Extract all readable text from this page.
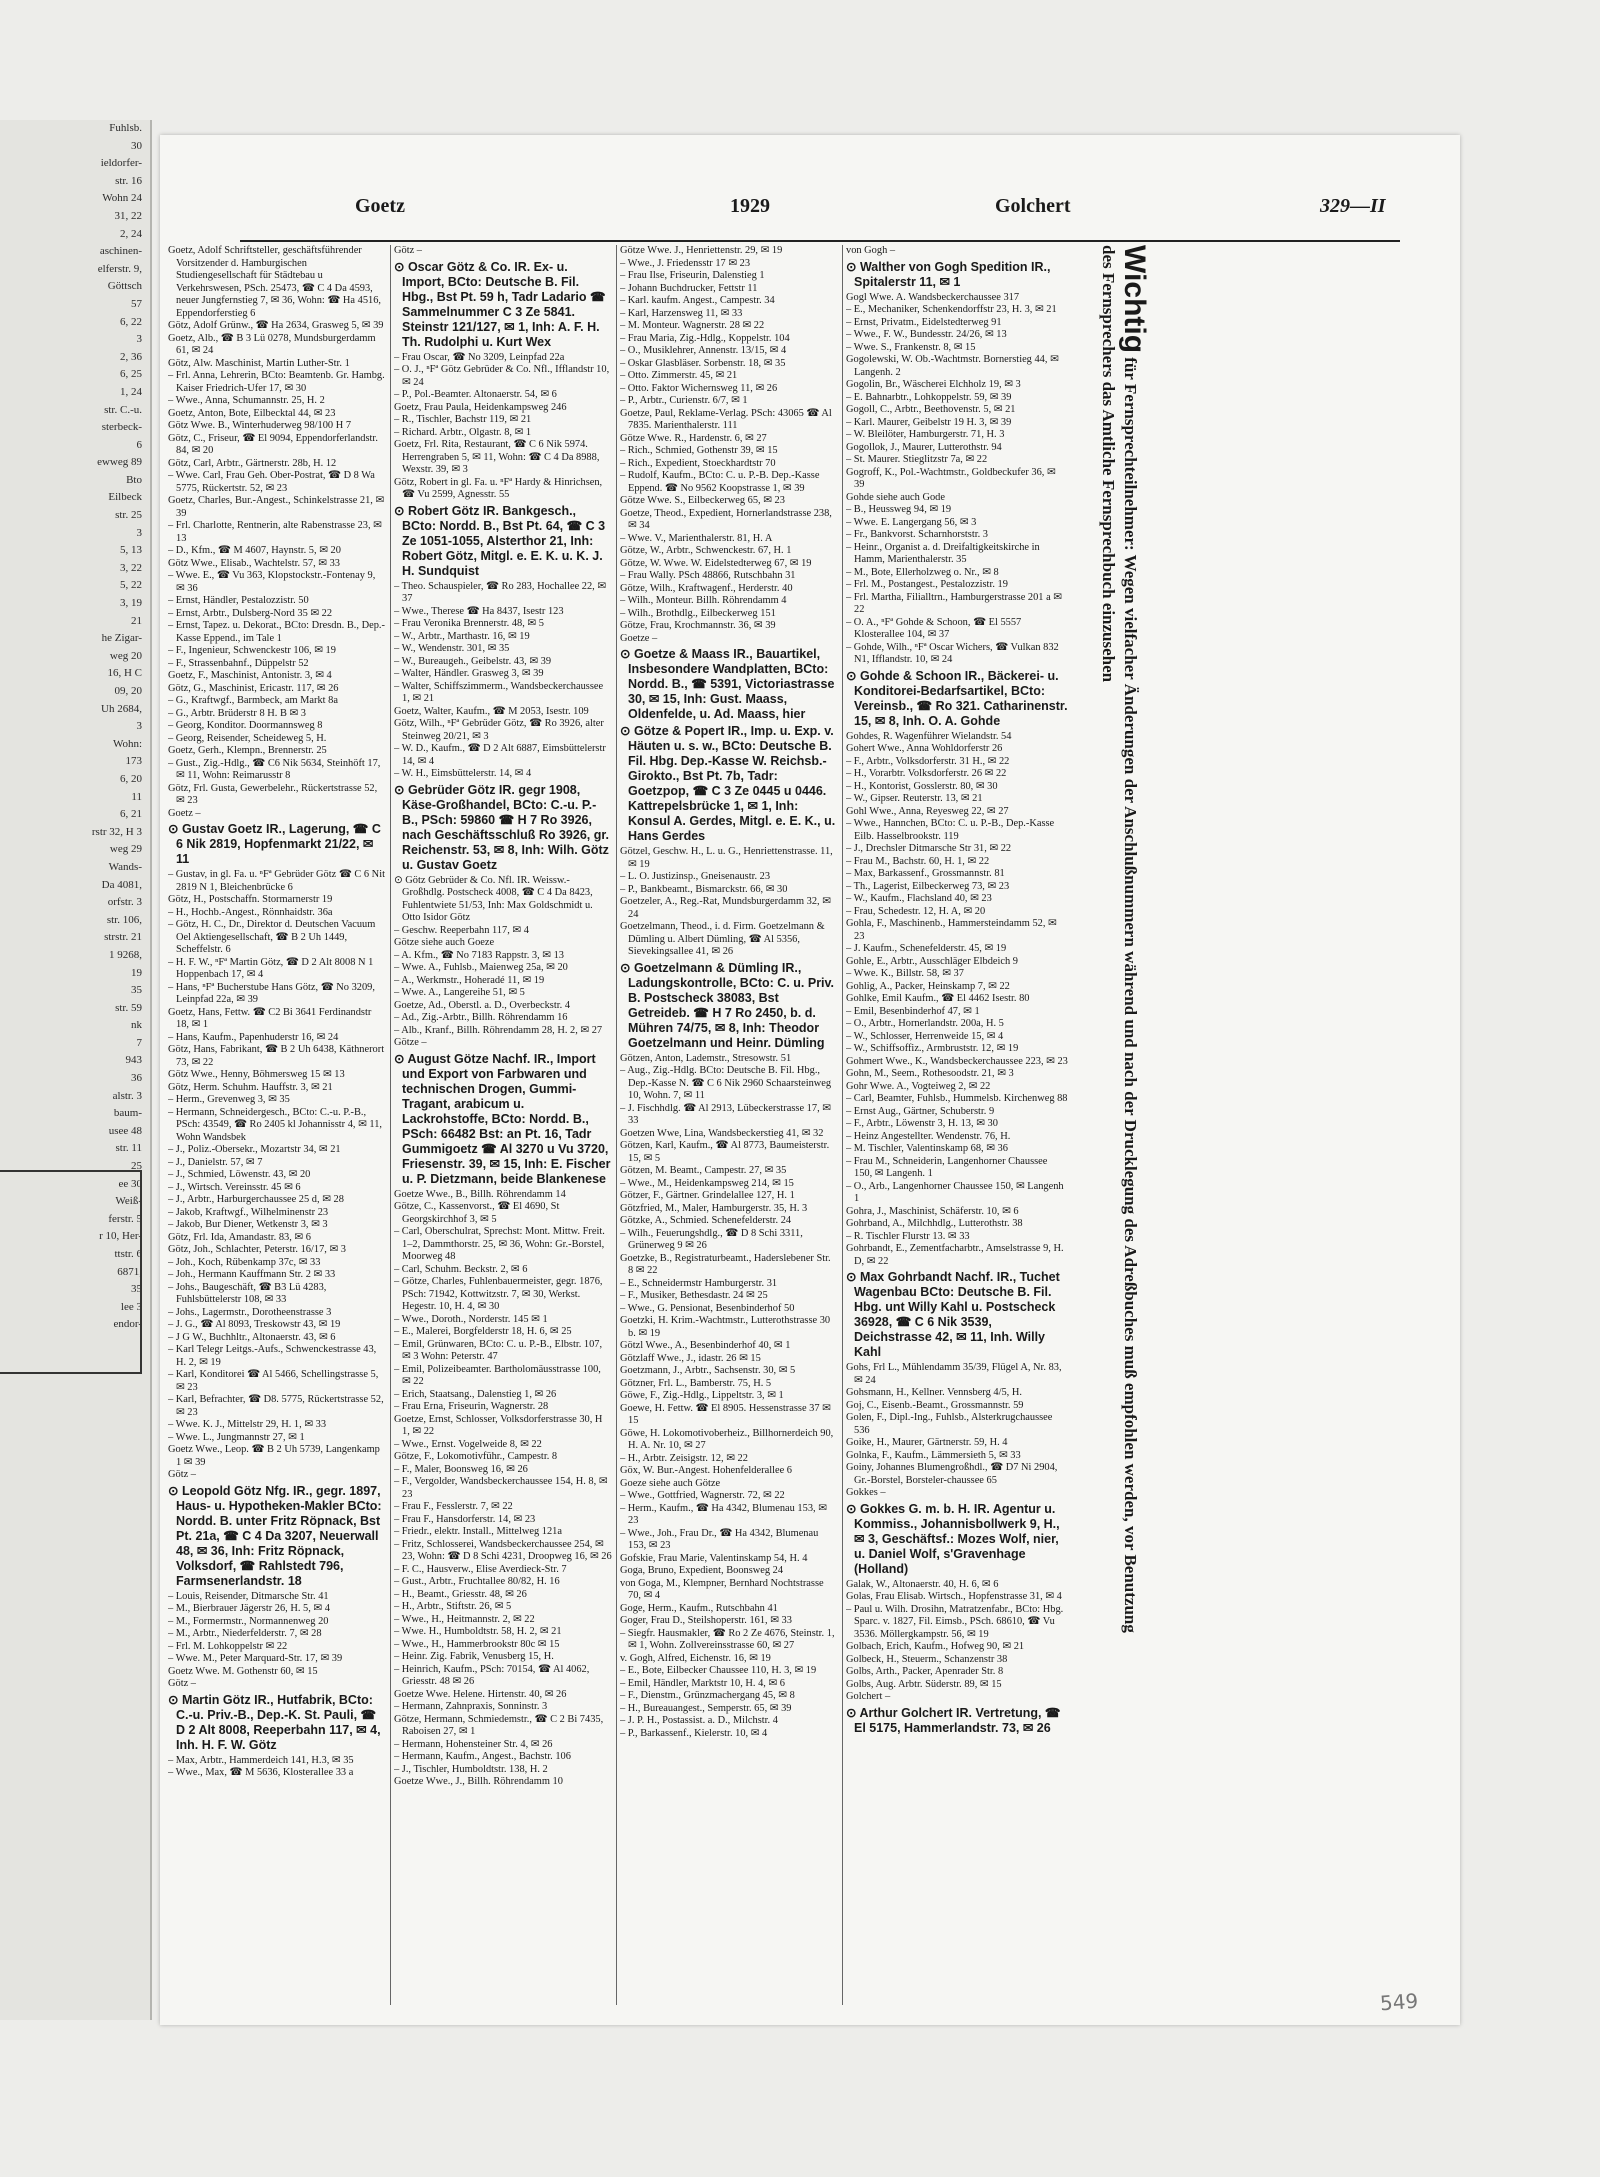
Fuhlsb.
30
ieldorfer-
str. 16
Wohn 24
31, 22
2, 24
aschinen-
elferstr. 9,
Göttsch
57
6, 22
3
2, 36
6, 25
1, 24
str. C.-u.
sterbeck-
6
ewweg 89
Bto
Eilbeck
str. 25
3
5, 13
3, 22
5, 22
3, 19
21
he Zigar-
weg 20
16, H C
09, 20
Uh 2684,
3
Wohn:
173
6, 20
11
6, 21
rstr 32, H 3
weg 29
Wands-
Da 4081,
orfstr. 3
str. 106,
strstr. 21
1 9268,
19
35
str. 59
nk
7
943
36
alstr. 3
baum-
usee 48
str. 11
25
ee 30
Weiß-
ferstr. 5
r 10, Her-
ttstr. 6
6871,
35
lee 3
endor-
Goetz	1929	Golchert	329—II

Goetz, Adolf Schriftsteller, geschäftsführender Vorsitzender d. Hamburgischen Studiengesellschaft für Städtebau u Verkehrswesen, PSch. 25473, ☎ C 4 Da 4593, neuer Jungfernstieg 7, ✉ 36, Wohn: ☎ Ha 4516, Eppendorferstieg 6

Götz, Adolf Grünw., ☎ Ha 2634, Grasweg 5, ✉ 39

Goetz, Alb., ☎ B 3 Lü 0278, Mundsburgerdamm 61, ✉ 24

Götz, Alw. Maschinist, Martin Luther-Str. 1

– Frl. Anna, Lehrerin, BCto: Beamtenb. Gr. Hambg. Kaiser Friedrich-Ufer 17, ✉ 30

– Wwe., Anna, Schumannstr. 25, H. 2

Goetz, Anton, Bote, Eilbecktal 44, ✉ 23

Götz Wwe. B., Winterhuderweg 98/100 H 7

Götz, C., Friseur, ☎ El 9094, Eppendorferlandstr. 84, ✉ 20

Götz, Carl, Arbtr., Gärtnerstr. 28b, H. 12

– Wwe. Carl, Frau Geh. Ober-Postrat, ☎ D 8 Wa 5775, Rückertstr. 52, ✉ 23

Goetz, Charles, Bur.-Angest., Schinkelstrasse 21, ✉ 39

– Frl. Charlotte, Rentnerin, alte Rabenstrasse 23, ✉ 13

– D., Kfm., ☎ M 4607, Haynstr. 5, ✉ 20

Götz Wwe., Elisab., Wachtelstr. 57, ✉ 33

– Wwe. E., ☎ Vu 363, Klopstockstr.-Fontenay 9, ✉ 36

– Ernst, Händler, Pestalozzistr. 50

– Ernst, Arbtr., Dulsberg-Nord 35 ✉ 22

– Ernst, Tapez. u. Dekorat., BCto: Dresdn. B., Dep.-Kasse Eppend., im Tale 1

– F., Ingenieur, Schwenckestr 106, ✉ 19

– F., Strassenbahnf., Düppelstr 52

Goetz, F., Maschinist, Antonistr. 3, ✉ 4

Götz, G., Maschinist, Ericastr. 117, ✉ 26

– G., Kraftwgf., Barmbeck, am Markt 8a

– G., Arbtr. Brüderstr 8 H. B ✉ 3

– Georg, Konditor. Doormannsweg 8

– Georg, Reisender, Scheideweg 5, H.

Goetz, Gerh., Klempn., Brennerstr. 25

– Gust., Zig.-Hdlg., ☎ C6 Nik 5634, Steinhöft 17, ✉ 11, Wohn: Reimarusstr 8

Götz, Frl. Gusta, Gewerbelehr., Rückertstrasse 52, ✉ 23

Goetz –

⊙ Gustav Goetz IR., Lagerung, ☎ C 6 Nik 2819, Hopfenmarkt 21/22, ✉ 11

– Gustav, in gl. Fa. u. ⁿFª Gebrüder Götz ☎ C 6 Nit 2819 N 1, Bleichenbrücke 6

Götz, H., Postschaffn. Stormarnerstr 19

– H., Hochb.-Angest., Rönnhaidstr. 36a

– Götz, H. C., Dr., Direktor d. Deutschen Vacuum Oel Aktiengesellschaft, ☎ B 2 Uh 1449, Scheffelstr. 6

– H. F. W., ⁿFª Martin Götz, ☎ D 2 Alt 8008 N 1 Hoppenbach 17, ✉ 4

– Hans, ⁿFª Bucherstube Hans Götz, ☎ No 3209, Leinpfad 22a, ✉ 39

Goetz, Hans, Fettw. ☎ C2 Bi 3641 Ferdinandstr 18, ✉ 1

– Hans, Kaufm., Papenhuderstr 16, ✉ 24

Götz, Hans, Fabrikant, ☎ B 2 Uh 6438, Käthnerort 73, ✉ 22

Götz Wwe., Henny, Böhmersweg 15 ✉ 13

Götz, Herm. Schuhm. Hauffstr. 3, ✉ 21

– Herm., Grevenweg 3, ✉ 35

– Hermann, Schneidergesch., BCto: C.-u. P.-B., PSch: 43549, ☎ Ro 2405 kl Johannisstr 4, ✉ 11, Wohn Wandsbek

– J., Poliz.-Obersekr., Mozartstr 34, ✉ 21

– J., Danielstr. 57, ✉ 7

– J., Schmied, Löwenstr. 43, ✉ 20

– J., Wirtsch. Vereinsstr. 45 ✉ 6

– J., Arbtr., Harburgerchaussee 25 d, ✉ 28

– Jakob, Kraftwgf., Wilhelminenstr 23

– Jakob, Bur Diener, Wetkenstr 3, ✉ 3

Götz, Frl. Ida, Amandastr. 83, ✉ 6

Götz, Joh., Schlachter, Peterstr. 16/17, ✉ 3

– Joh., Koch, Rübenkamp 37c, ✉ 33

– Joh., Hermann Kauffmann Str. 2 ✉ 33

– Johs., Baugeschäft, ☎ B3 Lü 4283, Fuhlsbüttelerstr 108, ✉ 33

– Johs., Lagermstr., Dorotheenstrasse 3

– J. G., ☎ Al 8093, Treskowstr 43, ✉ 19

– J G W., Buchhltr., Altonaerstr. 43, ✉ 6

– Karl Telegr Leitgs.-Aufs., Schwenckestrasse 43, H. 2, ✉ 19

– Karl, Konditorei ☎ Al 5466, Schellingstrasse 5, ✉ 23

– Karl, Befrachter, ☎ D8. 5775, Rückertstrasse 52, ✉ 23

– Wwe. K. J., Mittelstr 29, H. 1, ✉ 33

– Wwe. L., Jungmannstr 27, ✉ 1

Goetz Wwe., Leop. ☎ B 2 Uh 5739, Langenkamp 1 ✉ 39

Götz –

⊙ Leopold Götz Nfg. IR., gegr. 1897, Haus- u. Hypotheken-Makler BCto: Nordd. B. unter Fritz Röpnack, Bst Pt. 21a, ☎ C 4 Da 3207, Neuerwall 48, ✉ 36, Inh: Fritz Röpnack, Volksdorf, ☎ Rahlstedt 796, Farmsenerlandstr. 18

– Louis, Reisender, Ditmarsche Str. 41

– M., Bierbrauer Jägerstr 26, H. 5, ✉ 4

– M., Formermstr., Normannenweg 20

– M., Arbtr., Niederfelderstr. 7, ✉ 28

– Frl. M. Lohkoppelstr ✉ 22

– Wwe. M., Peter Marquard-Str. 17, ✉ 39

Goetz Wwe. M. Gothenstr 60, ✉ 15

Götz –

⊙ Martin Götz IR., Hutfabrik, BCto: C.-u. Priv.-B., Dep.-K. St. Pauli, ☎ D 2 Alt 8008, Reeperbahn 117, ✉ 4, Inh. H. F. W. Götz

– Max, Arbtr., Hammerdeich 141, H.3, ✉ 35

– Wwe., Max, ☎ M 5636, Klosterallee 33 a

Götz –

⊙ Oscar Götz & Co. IR. Ex- u. Import, BCto: Deutsche B. Fil. Hbg., Bst Pt. 59 h, Tadr Ladario ☎ Sammelnummer C 3 Ze 5841. Steinstr 121/127, ✉ 1, Inh: A. F. H. Th. Rudolphi u. Kurt Wex

– Frau Oscar, ☎ No 3209, Leinpfad 22a

– O. J., ⁿFª Götz Gebrüder & Co. Nfl., Ifflandstr 10, ✉ 24

– P., Pol.-Beamter. Altonaerstr. 54, ✉ 6

Goetz, Frau Paula, Heidenkampsweg 246

– R., Tischler, Bachstr 119, ✉ 21

– Richard. Arbtr., Olgastr. 8, ✉ 1

Goetz, Frl. Rita, Restaurant, ☎ C 6 Nik 5974. Herrengraben 5, ✉ 11, Wohn: ☎ C 4 Da 8988, Wexstr. 39, ✉ 3

Götz, Robert in gl. Fa. u. ⁿFª Hardy & Hinrichsen, ☎ Vu 2599, Agnesstr. 55

⊙ Robert Götz IR. Bankgesch., BCto: Nordd. B., Bst Pt. 64, ☎ C 3 Ze 1051-1055, Alsterthor 21, Inh: Robert Götz, Mitgl. e. E. K. u. K. J. H. Sundquist

– Theo. Schauspieler, ☎ Ro 283, Hochallee 22, ✉ 37

– Wwe., Therese ☎ Ha 8437, Isestr 123

– Frau Veronika Brennerstr. 48, ✉ 5

– W., Arbtr., Marthastr. 16, ✉ 19

– W., Wendenstr. 301, ✉ 35

– W., Bureaugeh., Geibelstr. 43, ✉ 39

– Walter, Händler. Grasweg 3, ✉ 39

– Walter, Schiffszimmerm., Wandsbeckerchaussee 1, ✉ 21

Goetz, Walter, Kaufm., ☎ M 2053, Isestr. 109

Götz, Wilh., ⁿFª Gebrüder Götz, ☎ Ro 3926, alter Steinweg 20/21, ✉ 3

– W. D., Kaufm., ☎ D 2 Alt 6887, Eimsbüttelerstr 14, ✉ 4

– W. H., Eimsbüttelerstr. 14, ✉ 4

⊙ Gebrüder Götz IR. gegr 1908, Käse-Großhandel, BCto: C.-u. P.-B., PSch: 59860 ☎ H 7 Ro 3926, nach Geschäftsschluß Ro 3926, gr. Reichenstr. 53, ✉ 8, Inh: Wilh. Götz u. Gustav Goetz

⊙ Götz Gebrüder & Co. Nfl. IR. Weissw.-Großhdlg. Postscheck 4008, ☎ C 4 Da 8423, Fuhlentwiete 51/53, Inh: Max Goldschmidt u. Otto Isidor Götz

– Geschw. Reeperbahn 117, ✉ 4

Götze siehe auch Goeze

– A. Kfm., ☎ No 7183 Rappstr. 3, ✉ 13

– Wwe. A., Fuhlsb., Maienweg 25a, ✉ 20

– A., Werkmstr., Hoheradé 11, ✉ 19

– Wwe. A., Langereihe 51, ✉ 5

Goetze, Ad., Oberstl. a. D., Overbeckstr. 4

– Ad., Zig.-Arbtr., Billh. Röhrendamm 16

– Alb., Kranf., Billh. Röhrendamm 28, H. 2, ✉ 27

Götze –

⊙ August Götze Nachf. IR., Import und Export von Farbwaren und technischen Drogen, Gummi-Tragant, arabicum u. Lackrohstoffe, BCto: Nordd. B., PSch: 66482 Bst: an Pt. 16, Tadr Gummigoetz ☎ Al 3270 u Vu 3720, Friesenstr. 39, ✉ 15, Inh: E. Fischer u. P. Dietzmann, beide Blankenese

Goetze Wwe., B., Billh. Röhrendamm 14

Götze, C., Kassenvorst., ☎ El 4690, St Georgskirchhof 3, ✉ 5

– Carl, Oberschulrat, Sprechst: Mont. Mittw. Freit. 1–2, Dammthorstr. 25, ✉ 36, Wohn: Gr.-Borstel, Moorweg 48

– Carl, Schuhm. Beckstr. 2, ✉ 6

– Götze, Charles, Fuhlenbauermeister, gegr. 1876, PSch: 71942, Kottwitzstr. 7, ✉ 30, Werkst. Hegestr. 10, H. 4, ✉ 30

– Wwe., Doroth., Norderstr. 145 ✉ 1

– E., Malerei, Borgfelderstr 18, H. 6, ✉ 25

– Emil, Grünwaren, BCto: C. u. P.-B., Elbstr. 107, ✉ 3 Wohn: Peterstr. 47

– Emil, Polizeibeamter. Bartholomäusstrasse 100, ✉ 22

– Erich, Staatsang., Dalenstieg 1, ✉ 26

– Frau Erna, Friseurin, Wagnerstr. 28

Goetze, Ernst, Schlosser, Volksdorferstrasse 30, H 1, ✉ 22

– Wwe., Ernst. Vogelweide 8, ✉ 22

Götze, F., Lokomotivführ., Campestr. 8

– F., Maler, Boonsweg 16, ✉ 26

– F., Vergolder, Wandsbeckerchaussee 154, H. 8, ✉ 23

– Frau F., Fesslerstr. 7, ✉ 22

– Frau F., Hansdorferstr. 14, ✉ 23

– Friedr., elektr. Install., Mittelweg 121a

– Fritz, Schlosserei, Wandsbeckerchaussee 254, ✉ 23, Wohn: ☎ D 8 Schi 4231, Droopweg 16, ✉ 26

– F. C., Hausverw., Elise Averdieck-Str. 7

– Gust., Arbtr., Fruchtallee 80/82, H. 16

– H., Beamt., Griesstr. 48, ✉ 26

– H., Arbtr., Stiftstr. 26, ✉ 5

– Wwe., H., Heitmannstr. 2, ✉ 22

– Wwe. H., Humboldtstr. 58, H. 2, ✉ 21

– Wwe., H., Hammerbrookstr 80c ✉ 15

– Heinr. Zig. Fabrik, Venusberg 15, H.

– Heinrich, Kaufm., PSch: 70154, ☎ Al 4062, Griesstr. 48 ✉ 26

Goetze Wwe. Helene. Hirtenstr. 40, ✉ 26

– Hermann, Zahnpraxis, Sonninstr. 3

Götze, Hermann, Schmiedemstr., ☎ C 2 Bi 7435, Raboisen 27, ✉ 1

– Hermann, Hohensteiner Str. 4, ✉ 26

– Hermann, Kaufm., Angest., Bachstr. 106

– J., Tischler, Humboldtstr. 138, H. 2

Goetze Wwe., J., Billh. Röhrendamm 10

Götze Wwe. J., Henriettenstr. 29, ✉ 19

– Wwe., J. Friedensstr 17 ✉ 23

– Frau Ilse, Friseurin, Dalenstieg 1

– Johann Buchdrucker, Fettstr 11

– Karl. kaufm. Angest., Campestr. 34

– Karl, Harzensweg 11, ✉ 33

– M. Monteur. Wagnerstr. 28 ✉ 22

– Frau Maria, Zig.-Hdlg., Koppelstr. 104

– O., Musiklehrer, Annenstr. 13/15, ✉ 4

– Oskar Glasbläser. Sorbenstr. 18, ✉ 35

– Otto. Zimmerstr. 45, ✉ 21

– Otto. Faktor Wichernsweg 11, ✉ 26

– P., Arbtr., Curienstr. 6/7, ✉ 1

Goetze, Paul, Reklame-Verlag. PSch: 43065 ☎ Al 7835. Marienthalerstr. 111

Götze Wwe. R., Hardenstr. 6, ✉ 27

– Rich., Schmied, Gothenstr 39, ✉ 15

– Rich., Expedient, Stoeckhardtstr 70

– Rudolf, Kaufm., BCto: C. u. P.-B. Dep.-Kasse Eppend. ☎ No 9562 Koopstrasse 1, ✉ 39

Götze Wwe. S., Eilbeckerweg 65, ✉ 23

Goetze, Theod., Expedient, Hornerlandstrasse 238, ✉ 34

– Wwe. V., Marienthalerstr. 81, H. A

Götze, W., Arbtr., Schwenckestr. 67, H. 1

Götze, W. Wwe. W. Eidelstedterweg 67, ✉ 19

– Frau Wally. PSch 48866, Rutschbahn 31

Götze, Wilh., Kraftwagenf., Herderstr. 40

– Wilh., Monteur. Billh. Röhrendamm 4

– Wilh., Brothdlg., Eilbeckerweg 151

Götze, Frau, Krochmannstr. 36, ✉ 39

Goetze –

⊙ Goetze & Maass IR., Bauartikel, Insbesondere Wandplatten, BCto: Nordd. B., ☎ 5391, Victoriastrasse 30, ✉ 15, Inh: Gust. Maass, Oldenfelde, u. Ad. Maass, hier

⊙ Götze & Popert IR., Imp. u. Exp. v. Häuten u. s. w., BCto: Deutsche B. Fil. Hbg. Dep.-Kasse W. Reichsb.-Girokto., Bst Pt. 7b, Tadr: Goetzpop, ☎ C 3 Ze 0445 u 0446. Kattrepelsbrücke 1, ✉ 1, Inh: Konsul A. Gerdes, Mitgl. e. E. K., u. Hans Gerdes

Götzel, Geschw. H., L. u. G., Henriettenstrasse. 11, ✉ 19

– L. O. Justizinsp., Gneisenaustr. 23

– P., Bankbeamt., Bismarckstr. 66, ✉ 30

Goetzeler, A., Reg.-Rat, Mundsburgerdamm 32, ✉ 24

Goetzelmann, Theod., i. d. Firm. Goetzelmann & Dümling u. Albert Dümling, ☎ Al 5356, Sievekingsallee 41, ✉ 26

⊙ Goetzelmann & Dümling IR., Ladungskontrolle, BCto: C. u. Priv. B. Postscheck 38083, Bst Getreideb. ☎ H 7 Ro 2450, b. d. Mühren 74/75, ✉ 8, Inh: Theodor Goetzelmann und Heinr. Dümling

Götzen, Anton, Lademstr., Stresowstr. 51

– Aug., Zig.-Hdlg. BCto: Deutsche B. Fil. Hbg., Dep.-Kasse N. ☎ C 6 Nik 2960 Schaarsteinweg 10, Wohn. 7, ✉ 11

– J. Fischhdlg. ☎ Al 2913, Lübeckerstrasse 17, ✉ 33

Goetzen Wwe, Lina, Wandsbeckerstieg 41, ✉ 32

Götzen, Karl, Kaufm., ☎ Al 8773, Baumeisterstr. 15, ✉ 5

Götzen, M. Beamt., Campestr. 27, ✉ 35

– Wwe., M., Heidenkampsweg 214, ✉ 15

Götzer, F., Gärtner. Grindelallee 127, H. 1

Götzfried, M., Maler, Hamburgerstr. 35, H. 3

Götzke, A., Schmied. Schenefelderstr. 24

– Wilh., Feuerungshdlg., ☎ D 8 Schi 3311, Grünerweg 9 ✉ 26

Goetzke, B., Registraturbeamt., Haderslebener Str. 8 ✉ 22

– E., Schneidermstr Hamburgerstr. 31

– F., Musiker, Bethesdastr. 24 ✉ 25

– Wwe., G. Pensionat, Besenbinderhof 50

Goetzki, H. Krim.-Wachtmstr., Lutterothstrasse 30 b. ✉ 19

Götzl Wwe., A., Besenbinderhof 40, ✉ 1

Götzlaff Wwe., J., idastr. 26 ✉ 15

Goetzmann, J., Arbtr., Sachsenstr. 30, ✉ 5

Götzner, Frl. L., Bamberstr. 75, H. 5

Göwe, F., Zig.-Hdlg., Lippeltstr. 3, ✉ 1

Goewe, H. Fettw. ☎ El 8905. Hessenstrasse 37 ✉ 15

Göwe, H. Lokomotivoberheiz., Billhornerdeich 90, H. A. Nr. 10, ✉ 27

– H., Arbtr. Zeisigstr. 12, ✉ 22

Göx, W. Bur.-Angest. Hohenfelderallee 6

Goeze siehe auch Götze

– Wwe., Gottfried, Wagnerstr. 72, ✉ 22

– Herm., Kaufm., ☎ Ha 4342, Blumenau 153, ✉ 23

– Wwe., Joh., Frau Dr., ☎ Ha 4342, Blumenau 153, ✉ 23

Gofskie, Frau Marie, Valentinskamp 54, H. 4

Goga, Bruno, Expedient, Boonsweg 24

von Goga, M., Klempner, Bernhard Nochtstrasse 70, ✉ 4

Goge, Herm., Kaufm., Rutschbahn 41

Goger, Frau D., Steilshoperstr. 161, ✉ 33

– Siegfr. Hausmakler, ☎ Ro 2 Ze 4676, Steinstr. 1, ✉ 1, Wohn. Zollvereinsstrasse 60, ✉ 27

v. Gogh, Alfred, Eichenstr. 16, ✉ 19

– E., Bote, Eilbecker Chaussee 110, H. 3, ✉ 19

– Emil, Händler, Marktstr 10, H. 4, ✉ 6

– F., Dienstm., Grünzmachergang 45, ✉ 8

– H., Bureauangest., Semperstr. 65, ✉ 39

– J. P. H., Postassist. a. D., Milchstr. 4

– P., Barkassenf., Kielerstr. 10, ✉ 4

von Gogh –

⊙ Walther von Gogh Spedition IR., Spitalerstr 11, ✉ 1

Gogl Wwe. A. Wandsbeckerchaussee 317

– E., Mechaniker, Schenkendorffstr 23, H. 3, ✉ 21

– Ernst, Privatm., Eidelstedterweg 91

– Wwe., F. W., Bundesstr. 24/26, ✉ 13

– Wwe. S., Frankenstr. 8, ✉ 15

Gogolewski, W. Ob.-Wachtmstr. Bornerstieg 44, ✉ Langenh. 2

Gogolin, Br., Wäscherei Elchholz 19, ✉ 3

– E. Bahnarbtr., Lohkoppelstr. 59, ✉ 39

Gogoll, C., Arbtr., Beethovenstr. 5, ✉ 21

– Karl. Maurer, Geibelstr 19 H. 3, ✉ 39

– W. Bleilöter, Hamburgerstr. 71, H. 3

Gogollok, J., Maurer, Lutterothstr. 94

– St. Maurer. Stieglitzstr 7a, ✉ 22

Gogroff, K., Pol.-Wachtmstr., Goldbeckufer 36, ✉ 39

Gohde siehe auch Gode

– B., Heussweg 94, ✉ 19

– Wwe. E. Langergang 56, ✉ 3

– Fr., Bankvorst. Scharnhorststr. 3

– Heinr., Organist a. d. Dreifaltigkeitskirche in Hamm, Marienthalerstr. 35

– M., Bote, Ellerholzweg o. Nr., ✉ 8

– Frl. M., Postangest., Pestalozzistr. 19

– Frl. Martha, Filialltrn., Hamburgerstrasse 201 a ✉ 22

– O. A., ⁿFª Gohde & Schoon, ☎ El 5557 Klosterallee 104, ✉ 37

– Gohde, Wilh., ⁿFª Oscar Wichers, ☎ Vulkan 832 N1, Ifflandstr. 10, ✉ 24

⊙ Gohde & Schoon IR., Bäckerei- u. Konditorei-Bedarfsartikel, BCto: Vereinsb., ☎ Ro 321. Catharinenstr. 15, ✉ 8, Inh. O. A. Gohde

Gohdes, R. Wagenführer Wielandstr. 54

Gohert Wwe., Anna Wohldorferstr 26

– F., Arbtr., Volksdorferstr. 31 H., ✉ 22

– H., Vorarbtr. Volksdorferstr. 26 ✉ 22

– H., Kontorist, Gosslerstr. 80, ✉ 30

– W., Gipser. Reuterstr. 13, ✉ 21

Gohl Wwe., Anna, Reyesweg 22, ✉ 27

– Wwe., Hannchen, BCto: C. u. P.-B., Dep.-Kasse Eilb. Hasselbrookstr. 119

– J., Drechsler Ditmarsche Str 31, ✉ 22

– Frau M., Bachstr. 60, H. 1, ✉ 22

– Max, Barkassenf., Grossmannstr. 81

– Th., Lagerist, Eilbeckerweg 73, ✉ 23

– W., Kaufm., Flachsland 40, ✉ 23

– Frau, Schedestr. 12, H. A, ✉ 20

Gohla, F., Maschinenb., Hammersteindamm 52, ✉ 23

– J. Kaufm., Schenefelderstr. 45, ✉ 19

Gohle, E., Arbtr., Ausschläger Elbdeich 9

– Wwe. K., Billstr. 58, ✉ 37

Gohlig, A., Packer, Heinskamp 7, ✉ 22

Gohlke, Emil Kaufm., ☎ El 4462 Isestr. 80

– Emil, Besenbinderhof 47, ✉ 1

– O., Arbtr., Hornerlandstr. 200a, H. 5

– W., Schlosser, Herrenweide 15, ✉ 4

– W., Schiffsoffiz., Armbruststr. 12, ✉ 19

Gohmert Wwe., K., Wandsbeckerchaussee 223, ✉ 23

Gohn, M., Seem., Rothesoodstr. 21, ✉ 3

Gohr Wwe. A., Vogteiweg 2, ✉ 22

– Carl, Beamter, Fuhlsb., Hummelsb. Kirchenweg 88

– Ernst Aug., Gärtner, Schuberstr. 9

– F., Arbtr., Löwenstr 3, H. 13, ✉ 30

– Heinz Angestellter. Wendenstr. 76, H.

– M. Tischler, Valentinskamp 68, ✉ 36

– Frau M., Schneiderin, Langenhorner Chaussee 150, ✉ Langenh. 1

– O., Arb., Langenhorner Chaussee 150, ✉ Langenh 1

Gohra, J., Maschinist, Schäferstr. 10, ✉ 6

Gohrband, A., Milchhdlg., Lutterothstr. 38

– R. Tischler Flurstr 13. ✉ 33

Gohrbandt, E., Zementfacharbtr., Amselstrasse 9, H. D, ✉ 22

⊙ Max Gohrbandt Nachf. IR., Tuchet Wagenbau BCto: Deutsche B. Fil. Hbg. unt Willy Kahl u. Postscheck 36928, ☎ C 6 Nik 3539, Deichstrasse 42, ✉ 11, Inh. Willy Kahl

Gohs, Frl L., Mühlendamm 35/39, Flügel A, Nr. 83, ✉ 24

Gohsmann, H., Kellner. Vennsberg 4/5, H.

Goj, C., Eisenb.-Beamt., Grossmannstr. 59

Golen, F., Dipl.-Ing., Fuhlsb., Alsterkrugchaussee 536

Goike, H., Maurer, Gärtnerstr. 59, H. 4

Golnka, F., Kaufm., Lämmersieth 5, ✉ 33

Goiny, Johannes Blumengroßhdl., ☎ D7 Ni 2904, Gr.-Borstel, Borsteler-chaussee 65

Gokkes –

⊙ Gokkes G. m. b. H. IR. Agentur u. Kommiss., Johannisbollwerk 9, H., ✉ 3, Geschäftsf.: Mozes Wolf, nier, u. Daniel Wolf, s'Gravenhage (Holland)

Galak, W., Altonaerstr. 40, H. 6, ✉ 6

Golas, Frau Elisab. Wirtsch., Hopfenstrasse 31, ✉ 4

– Paul u. Wilh. Drosihn, Matratzenfabr., BCto: Hbg. Sparc. v. 1827, Fil. Eimsb., PSch. 68610, ☎ Vu 3536. Möllergkampstr. 56, ✉ 19

Golbach, Erich, Kaufm., Hofweg 90, ✉ 21

Golbeck, H., Steuerm., Schanzenstr 38

Golbs, Arth., Packer, Apenrader Str. 8

Golbs, Aug. Arbtr. Süderstr. 89, ✉ 15

Golchert –

⊙ Arthur Golchert IR. Vertretung, ☎ El 5175, Hammerlandstr. 73, ✉ 26

Wichtig für Fernsprechteilnehmer: Wegen vielfacher Änderungen der Anschlußnummern während und nach der Drucklegung des Adreßbuches muß empfohlen werden, vor Benutzung des Fernsprechers das Amtliche Fernsprechbuch einzusehen
549
